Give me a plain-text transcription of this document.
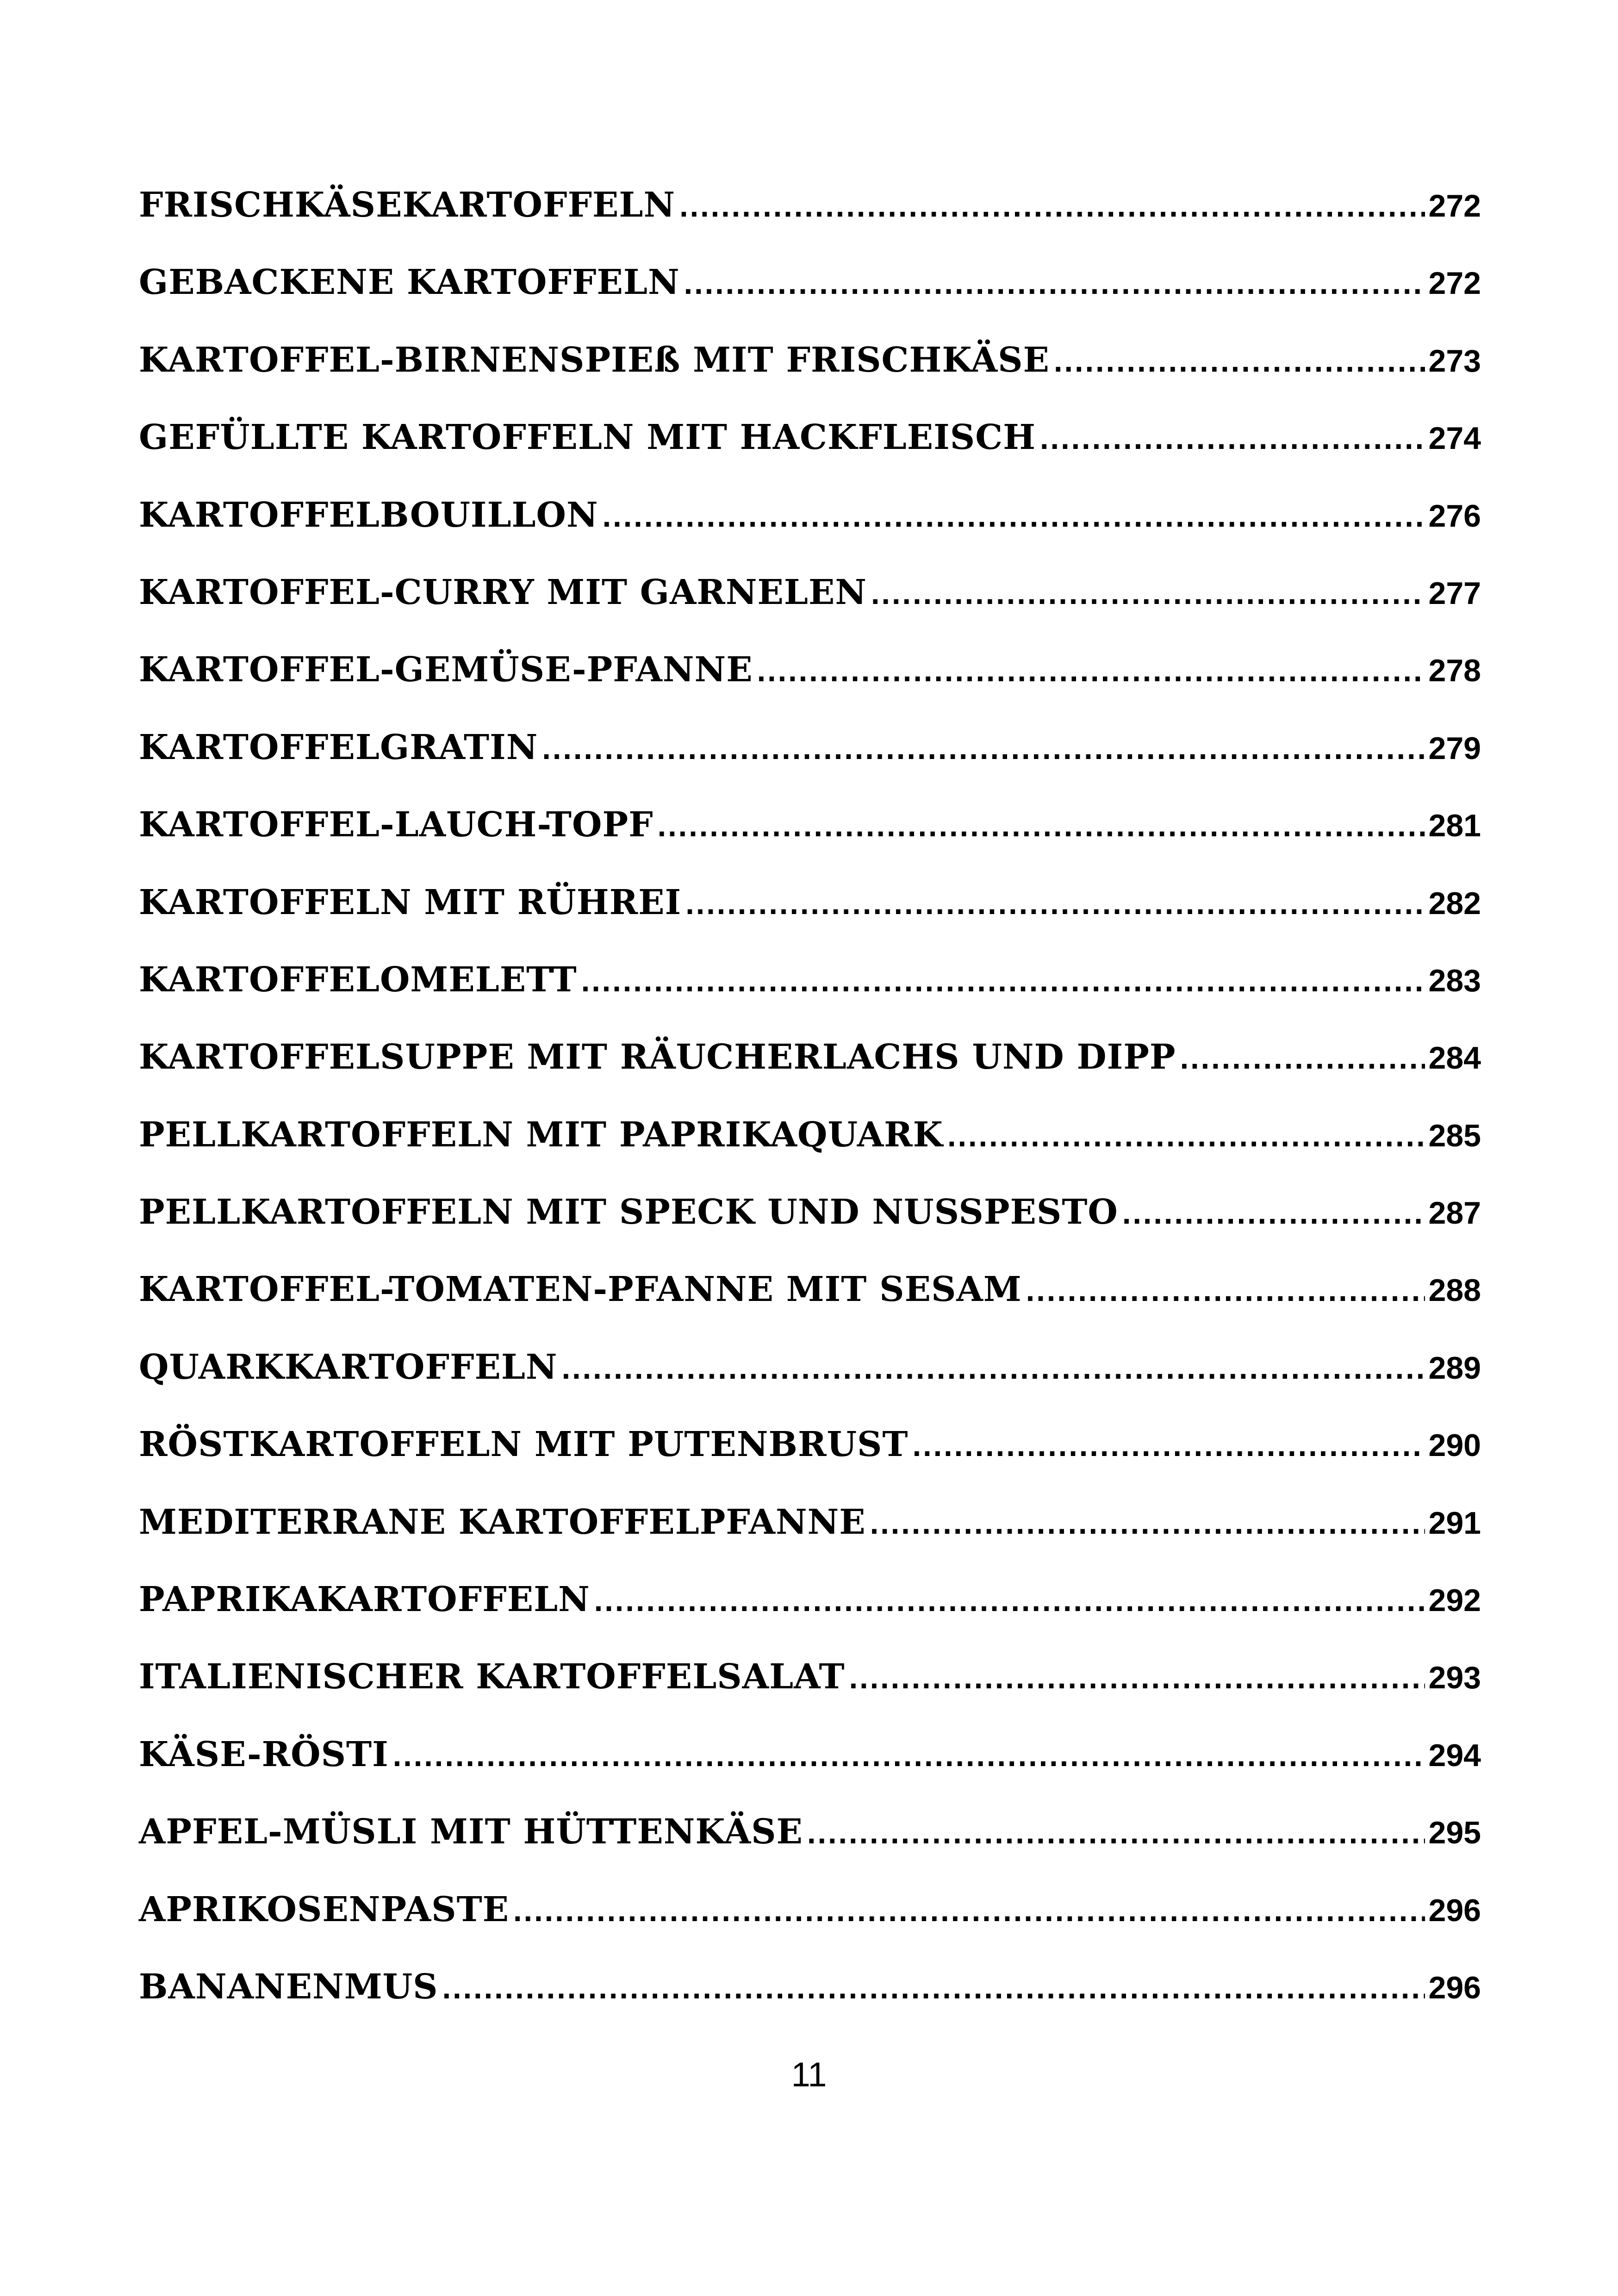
FRISCHKÄSEKARTOFFELN .....	272
GEBACKENE KARTOFFELN .....	272
KARTOFFEL-BIRNENSPIEß MIT FRISCHKÄSE .....	273
GEFÜLLTE KARTOFFELN MIT HACKFLEISCH .....	274
KARTOFFELBOUILLON .....	276
KARTOFFEL-CURRY MIT GARNELEN .....	277
KARTOFFEL-GEMÜSE-PFANNE .....	278
KARTOFFELGRATIN .....	279
KARTOFFEL-LAUCH-TOPF .....	281
KARTOFFELN MIT RÜHREI .....	282
KARTOFFELOMELETT .....	283
KARTOFFELSUPPE MIT RÄUCHERLACHS UND DIPP .....	284
PELLKARTOFFELN MIT PAPRIKAQUARK .....	285
PELLKARTOFFELN MIT SPECK UND NUSSPESTO .....	287
KARTOFFEL-TOMATEN-PFANNE MIT SESAM .....	288
QUARKKARTOFFELN .....	289
RÖSTKARTOFFELN MIT PUTENBRUST .....	290
MEDITERRANE KARTOFFELPFANNE .....	291
PAPRIKAKARTOFFELN .....	292
ITALIENISCHER KARTOFFELSALAT .....	293
KÄSE-RÖSTI .....	294
APFEL-MÜSLI MIT HÜTTENKÄSE .....	295
APRIKOSENPASTE .....	296
BANANENMUS .....	296
11
